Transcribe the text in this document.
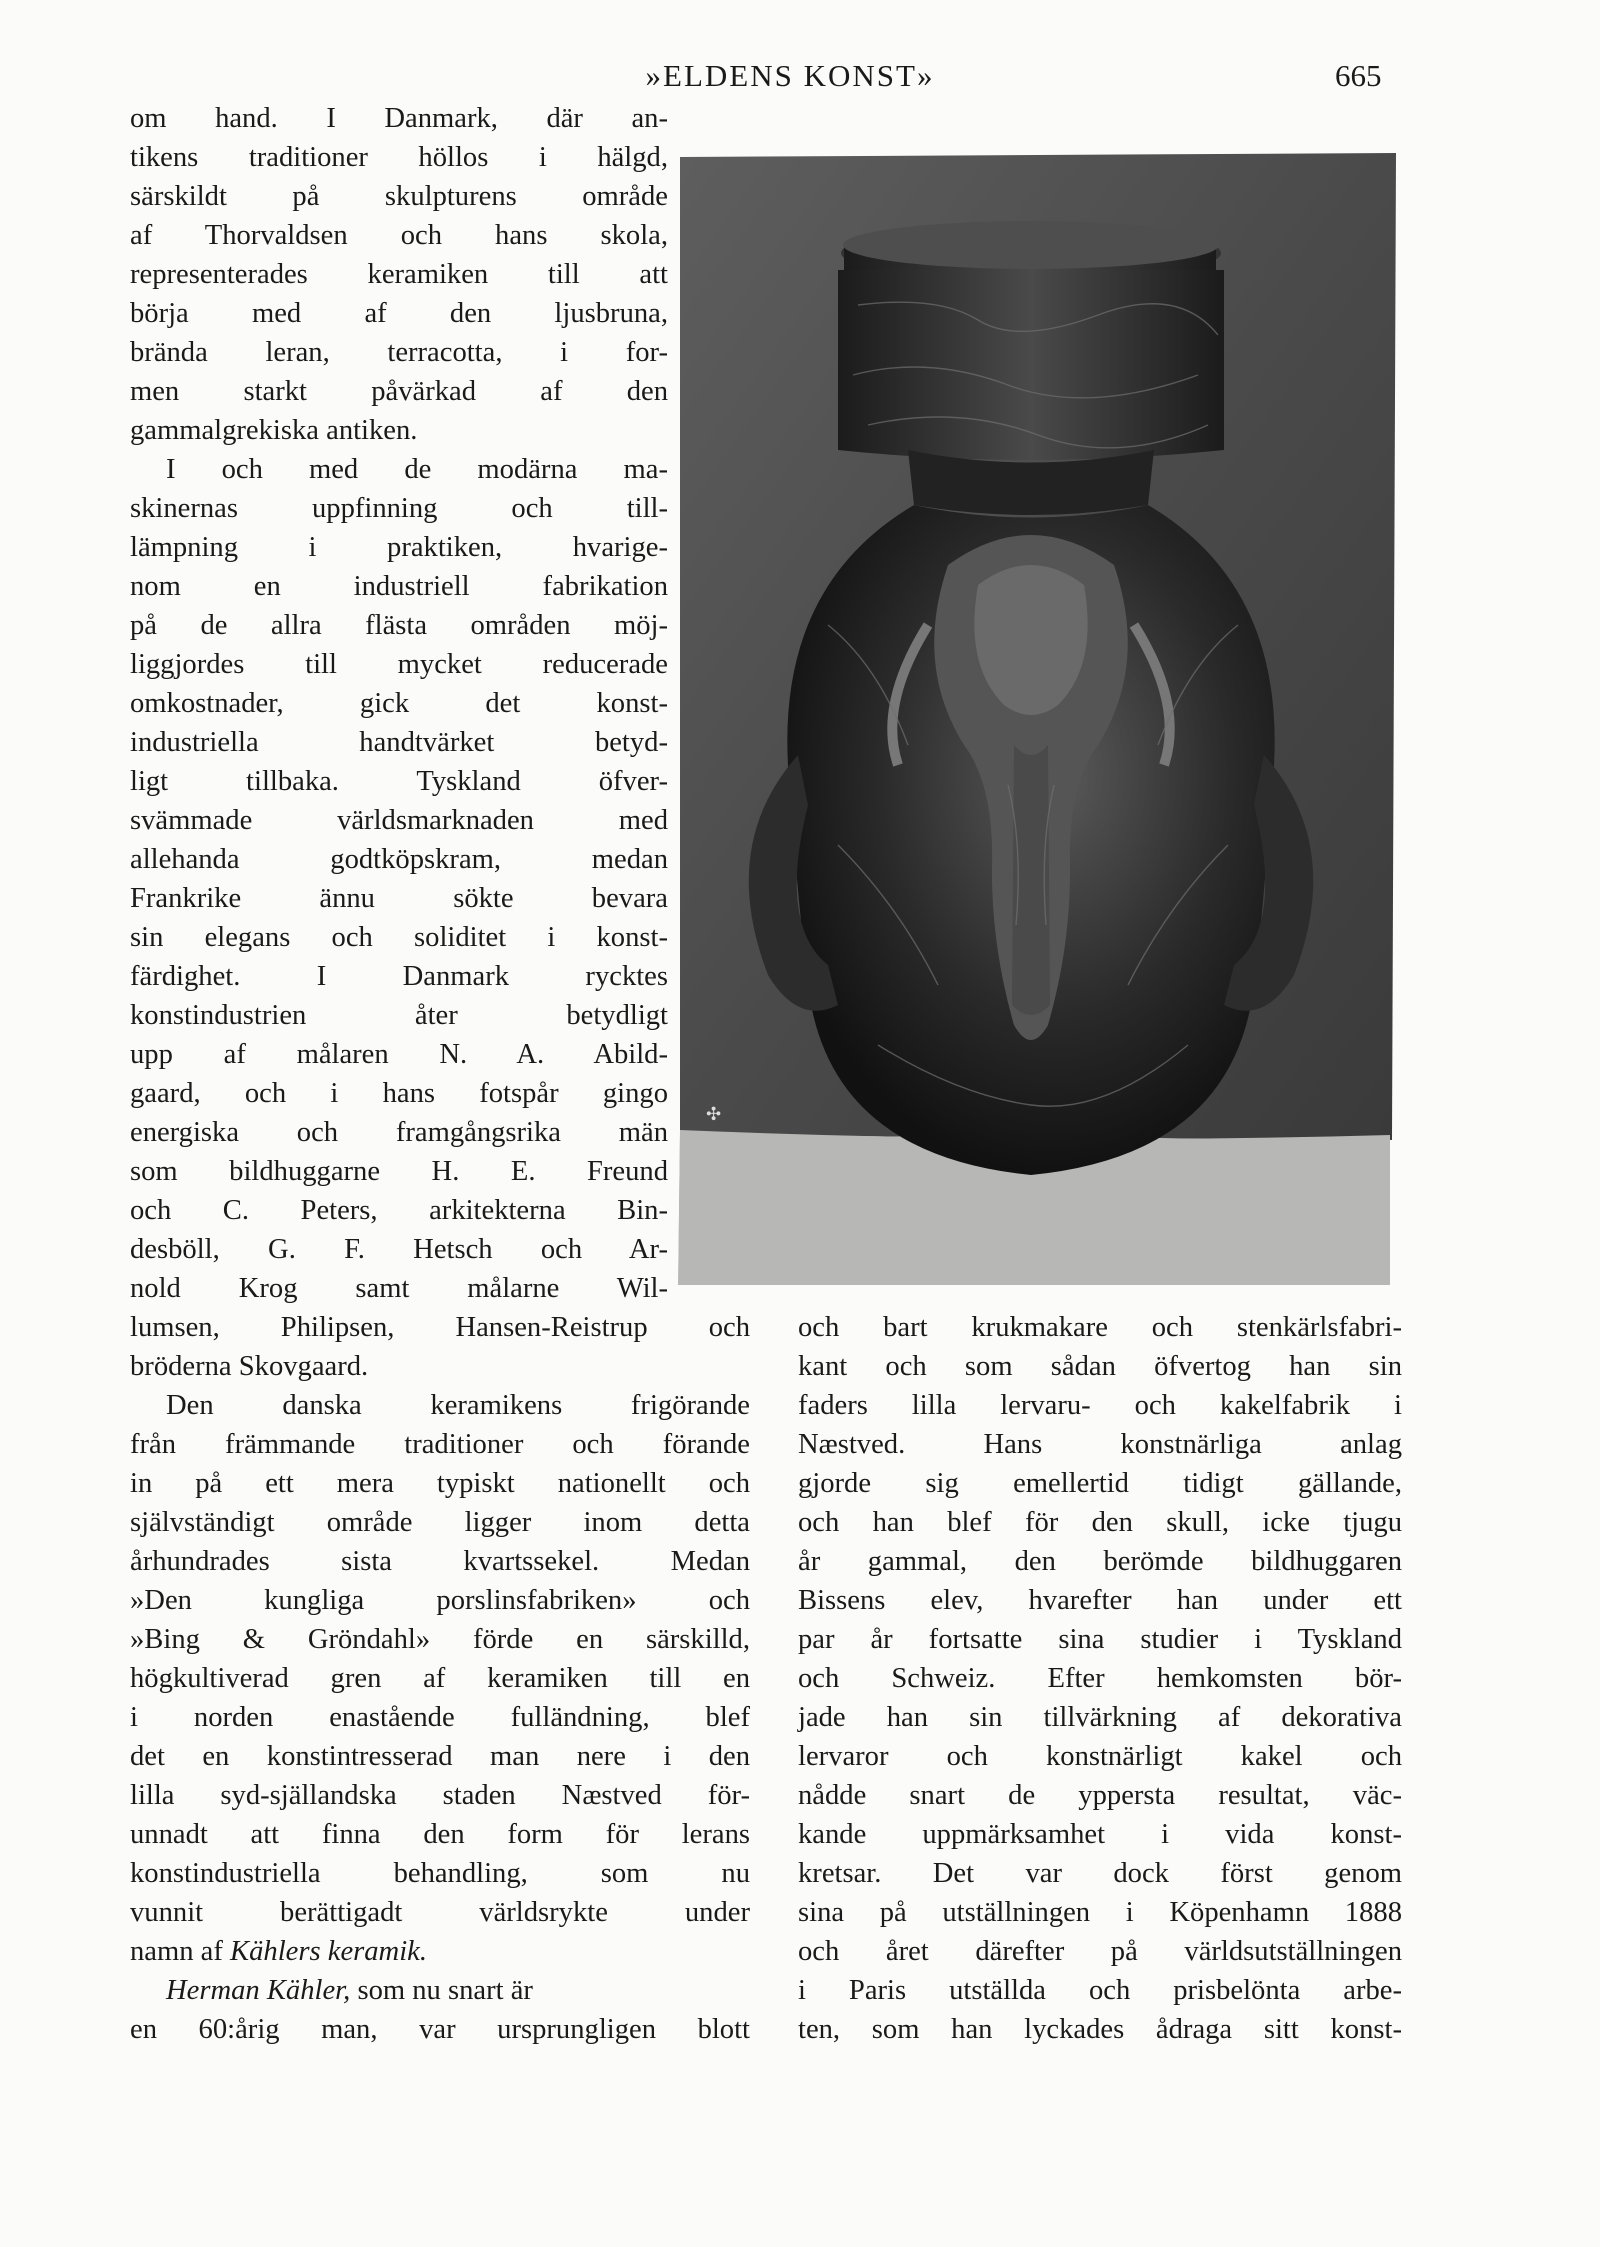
»ELDENS KONST»	665
✣
om hand. I Danmark, där an-
tikens traditioner höllos i hälgd,
särskildt på skulpturens område
af Thorvaldsen och hans skola,
representerades keramiken till att
börja med af den ljusbruna,
brända leran, terracotta, i for-
men starkt påvärkad af den
gammalgrekiska antiken.
I och med de modärna ma-
skinernas uppfinning och till-
lämpning i praktiken, hvarige-
nom en industriell fabrikation
på de allra flästa områden möj-
liggjordes till mycket reducerade
omkostnader, gick det konst-
industriella handtvärket betyd-
ligt tillbaka. Tyskland öfver-
svämmade världsmarknaden med
allehanda godtköpskram, medan
Frankrike ännu sökte bevara
sin elegans och soliditet i konst-
färdighet. I Danmark rycktes
konstindustrien åter betydligt
upp af målaren N. A. Abild-
gaard, och i hans fotspår gingo
energiska och framgångsrika män
som bildhuggarne H. E. Freund
och C. Peters, arkitekterna Bin-
desböll, G. F. Hetsch och Ar-
nold Krog samt målarne Wil-
lumsen, Philipsen, Hansen-Reistrup och
bröderna Skovgaard.
Den danska keramikens frigörande
från främmande traditioner och förande
in på ett mera typiskt nationellt och
självständigt område ligger inom detta
århundrades sista kvartssekel. Medan
»Den kungliga porslinsfabriken» och
»Bing & Gröndahl» förde en särskilld,
högkultiverad gren af keramiken till en
i norden enastående fulländning, blef
det en konstintresserad man nere i den
lilla syd-själlandska staden Næstved för-
unnadt att finna den form för lerans
konstindustriella behandling, som nu
vunnit berättigadt världsrykte under
namn af Kählers keramik.
Herman Kähler, som nu snart är
en 60:årig man, var ursprungligen blott
och bart krukmakare och stenkärlsfabri-
kant och som sådan öfvertog han sin
faders lilla lervaru- och kakelfabrik i
Næstved. Hans konstnärliga anlag
gjorde sig emellertid tidigt gällande,
och han blef för den skull, icke tjugu
år gammal, den berömde bildhuggaren
Bissens elev, hvarefter han under ett
par år fortsatte sina studier i Tyskland
och Schweiz. Efter hemkomsten bör-
jade han sin tillvärkning af dekorativa
lervaror och konstnärligt kakel och
nådde snart de yppersta resultat, väc-
kande uppmärksamhet i vida konst-
kretsar. Det var dock först genom
sina på utställningen i Köpenhamn 1888
och året därefter på världsutställningen
i Paris utställda och prisbelönta arbe-
ten, som han lyckades ådraga sitt konst-
